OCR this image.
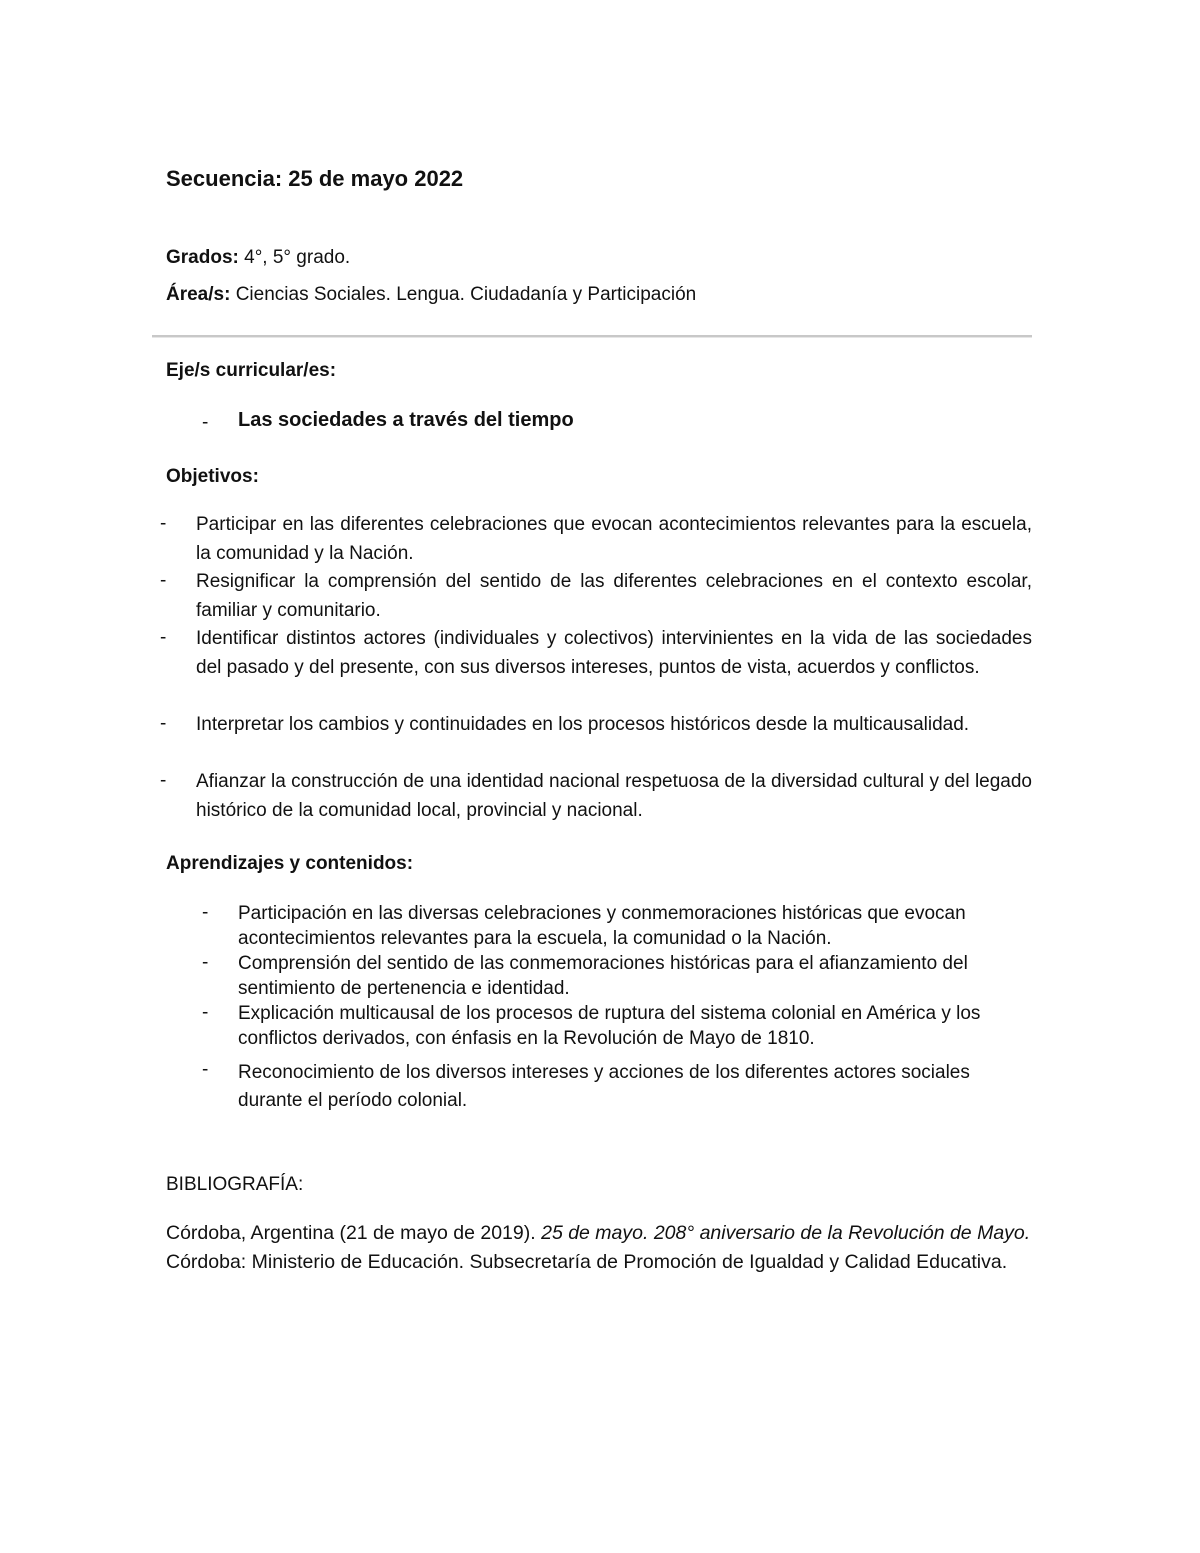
Secuencia: 25 de mayo 2022
Grados: 4°, 5° grado.
Área/s: Ciencias Sociales. Lengua. Ciudadanía y Participación
Eje/s curricular/es:
- Las sociedades a través del tiempo
Objetivos:
- Participar en las diferentes celebraciones que evocan acontecimientos relevantes para la escuela, la comunidad y la Nación.
- Resignificar la comprensión del sentido de las diferentes celebraciones en el contexto escolar, familiar y comunitario.
- Identificar distintos actores (individuales y colectivos) intervinientes en la vida de las sociedades del pasado y del presente, con sus diversos intereses, puntos de vista, acuerdos y conflictos.
- Interpretar los cambios y continuidades en los procesos históricos desde la multicausalidad.
- Afianzar la construcción de una identidad nacional respetuosa de la diversidad cultural y del legado histórico de la comunidad local, provincial y nacional.
Aprendizajes y contenidos:
- Participación en las diversas celebraciones y conmemoraciones históricas que evocan acontecimientos relevantes para la escuela, la comunidad o la Nación.
- Comprensión del sentido de las conmemoraciones históricas para el afianzamiento del sentimiento de pertenencia e identidad.
- Explicación multicausal de los procesos de ruptura del sistema colonial en América y los conflictos derivados, con énfasis en la Revolución de Mayo de 1810.
- Reconocimiento de los diversos intereses y acciones de los diferentes actores sociales durante el período colonial.
BIBLIOGRAFÍA:
Córdoba, Argentina (21 de mayo de 2019). 25 de mayo. 208° aniversario de la Revolución de Mayo. Córdoba: Ministerio de Educación. Subsecretaría de Promoción de Igualdad y Calidad Educativa.
